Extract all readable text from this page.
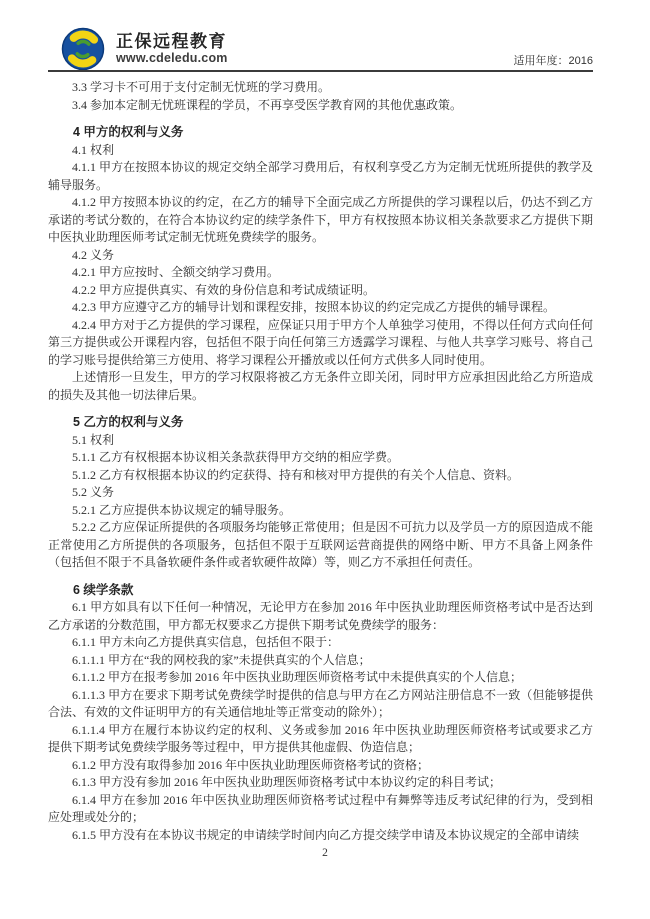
正保远程教育
www.cdeledu.com	适用年度：2016

3.3 学习卡不可用于支付定制无忧班的学习费用。

3.4 参加本定制无忧班课程的学员，不再享受医学教育网的其他优惠政策。

4 甲方的权利与义务

4.1 权利

4.1.1 甲方在按照本协议的规定交纳全部学习费用后，有权利享受乙方为定制无忧班所提供的教学及辅导服务。

4.1.2 甲方按照本协议的约定，在乙方的辅导下全面完成乙方所提供的学习课程以后，仍达不到乙方承诺的考试分数的，在符合本协议约定的续学条件下，甲方有权按照本协议相关条款要求乙方提供下期中医执业助理医师考试定制无忧班免费续学的服务。

4.2 义务

4.2.1 甲方应按时、全额交纳学习费用。

4.2.2 甲方应提供真实、有效的身份信息和考试成绩证明。

4.2.3 甲方应遵守乙方的辅导计划和课程安排，按照本协议的约定完成乙方提供的辅导课程。

4.2.4 甲方对于乙方提供的学习课程，应保证只用于甲方个人单独学习使用，不得以任何方式向任何第三方提供或公开课程内容，包括但不限于向任何第三方透露学习课程、与他人共享学习账号、将自己的学习账号提供给第三方使用、将学习课程公开播放或以任何方式供多人同时使用。

上述情形一旦发生，甲方的学习权限将被乙方无条件立即关闭，同时甲方应承担因此给乙方所造成的损失及其他一切法律后果。

5 乙方的权利与义务

5.1 权利

5.1.1 乙方有权根据本协议相关条款获得甲方交纳的相应学费。

5.1.2 乙方有权根据本协议的约定获得、持有和核对甲方提供的有关个人信息、资料。

5.2 义务

5.2.1 乙方应提供本协议规定的辅导服务。

5.2.2 乙方应保证所提供的各项服务均能够正常使用；但是因不可抗力以及学员一方的原因造成不能正常使用乙方所提供的各项服务，包括但不限于互联网运营商提供的网络中断、甲方不具备上网条件（包括但不限于不具备软硬件条件或者软硬件故障）等，则乙方不承担任何责任。

6 续学条款

6.1 甲方如具有以下任何一种情况，无论甲方在参加 2016 年中医执业助理医师资格考试中是否达到乙方承诺的分数范围，甲方都无权要求乙方提供下期考试免费续学的服务：

6.1.1 甲方未向乙方提供真实信息，包括但不限于：

6.1.1.1 甲方在“我的网校我的家”未提供真实的个人信息；

6.1.1.2 甲方在报考参加 2016 年中医执业助理医师资格考试中未提供真实的个人信息；

6.1.1.3 甲方在要求下期考试免费续学时提供的信息与甲方在乙方网站注册信息不一致（但能够提供合法、有效的文件证明甲方的有关通信地址等正常变动的除外）；

6.1.1.4 甲方在履行本协议约定的权利、义务或参加 2016 年中医执业助理医师资格考试或要求乙方提供下期考试免费续学服务等过程中，甲方提供其他虚假、伪造信息；

6.1.2 甲方没有取得参加 2016 年中医执业助理医师资格考试的资格；

6.1.3 甲方没有参加 2016 年中医执业助理医师资格考试中本协议约定的科目考试；

6.1.4 甲方在参加 2016 年中医执业助理医师资格考试过程中有舞弊等违反考试纪律的行为，受到相应处理或处分的；

6.1.5 甲方没有在本协议书规定的申请续学时间内向乙方提交续学申请及本协议规定的全部申请续

2
